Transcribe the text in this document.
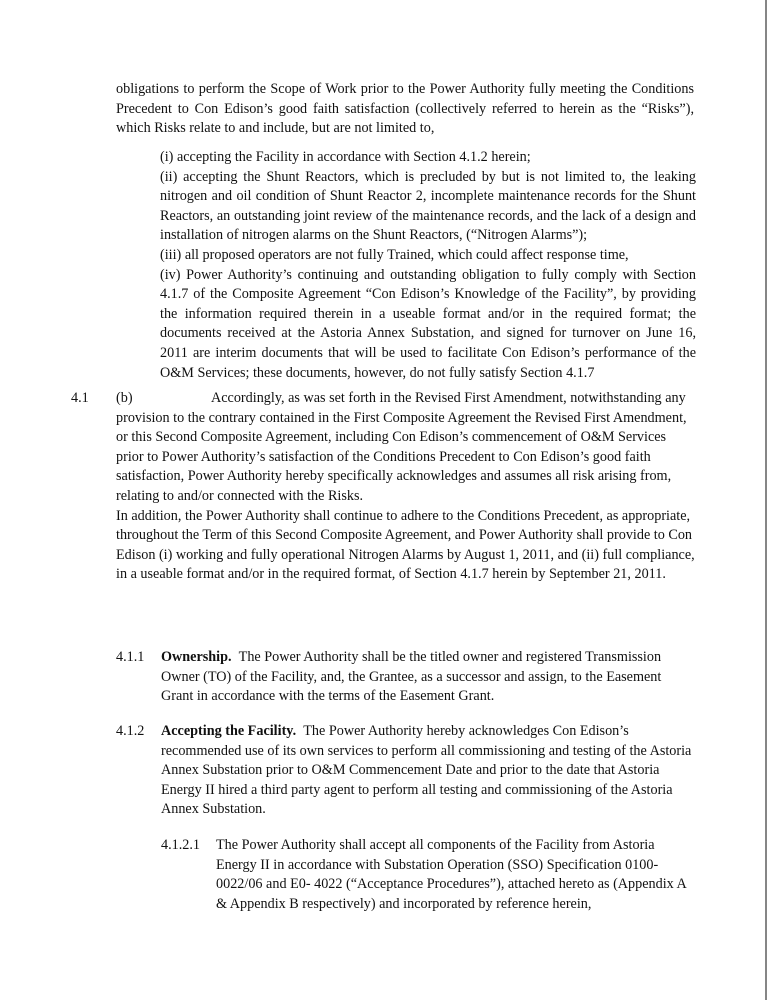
obligations to perform the Scope of Work prior to the Power Authority fully meeting the Conditions Precedent to Con Edison’s good faith satisfaction (collectively referred to herein as the “Risks”), which Risks relate to and include, but are not limited to,

(i) accepting the Facility in accordance with Section 4.1.2 herein;

(ii) accepting the Shunt Reactors, which is precluded by but is not limited to, the leaking nitrogen and oil condition of Shunt Reactor 2, incomplete maintenance records for the Shunt Reactors, an outstanding joint review of the maintenance records, and the lack of a design and installation of nitrogen alarms on the Shunt Reactors, (“Nitrogen Alarms”);

(iii) all proposed operators are not fully Trained, which could affect response time,

(iv) Power Authority’s continuing and outstanding obligation to fully comply with Section 4.1.7 of the Composite Agreement “Con Edison’s Knowledge of the Facility”, by providing the information required therein in a useable format and/or in the required format; the documents received at the Astoria Annex Substation, and signed for turnover on June 16, 2011 are interim documents that will be used to facilitate Con Edison’s performance of the O&M Services; these documents, however, do not fully satisfy Section 4.1.7

4.1 (b)	Accordingly, as was set forth in the Revised First Amendment, notwithstanding any provision to the contrary contained in the First Composite Agreement the Revised First Amendment, or this Second Composite Agreement, including Con Edison’s commencement of O&M Services prior to Power Authority’s satisfaction of the Conditions Precedent to Con Edison’s good faith satisfaction, Power Authority hereby specifically acknowledges and assumes all risk arising from, relating to and/or connected with the Risks.

In addition, the Power Authority shall continue to adhere to the Conditions Precedent, as appropriate, throughout the Term of this Second Composite Agreement, and Power Authority shall provide to Con Edison (i) working and fully operational Nitrogen Alarms by August 1, 2011, and (ii) full compliance, in a useable format and/or in the required format, of Section 4.1.7 herein by September 21, 2011.

4.1.1 Ownership. The Power Authority shall be the titled owner and registered Transmission Owner (TO) of the Facility, and, the Grantee, as a successor and assign, to the Easement Grant in accordance with the terms of the Easement Grant.
4.1.2 Accepting the Facility. The Power Authority hereby acknowledges Con Edison’s recommended use of its own services to perform all commissioning and testing of the Astoria Annex Substation prior to O&M Commencement Date and prior to the date that Astoria Energy II hired a third party agent to perform all testing and commissioning of the Astoria Annex Substation.
4.1.2.1 The Power Authority shall accept all components of the Facility from Astoria Energy II in accordance with Substation Operation (SSO) Specification 0100-0022/06 and E0- 4022 (“Acceptance Procedures”), attached hereto as (Appendix A & Appendix B respectively) and incorporated by reference herein,
